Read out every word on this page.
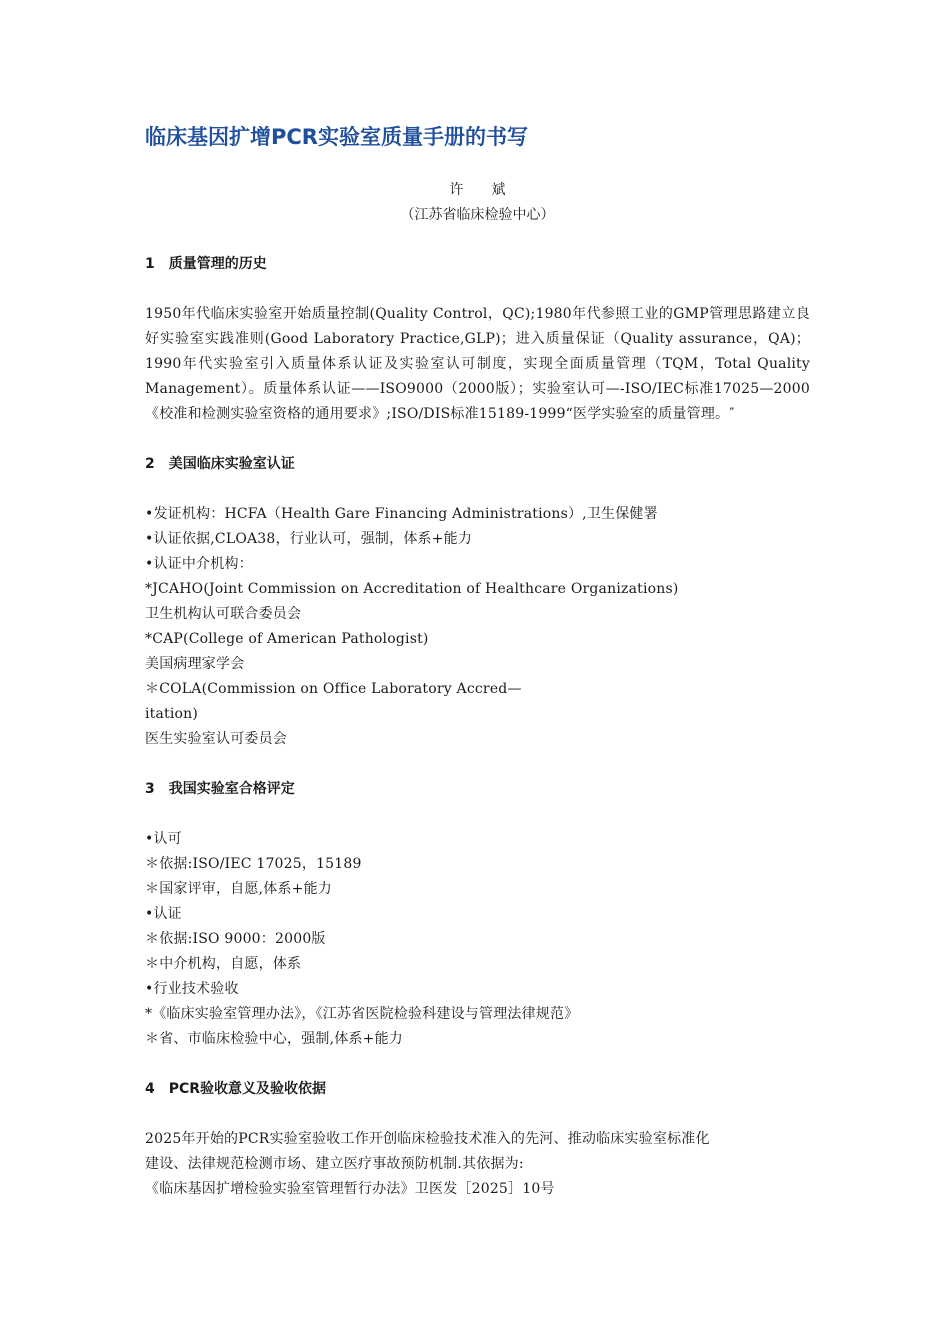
临床基因扩增PCR实验室质量手册的书写
许　　斌
（江苏省临床检验中心）
1　质量管理的历史
1950年代临床实验室开始质量控制(Quality Control，QC);1980年代参照工业的GMP管理思路建立良好实验室实践准则(Good Laboratory Practice,GLP)；进入质量保证（Quality assurance，QA)；1990年代实验室引入质量体系认证及实验室认可制度，实现全面质量管理（TQM，Total Quality Management）。质量体系认证——ISO9000（2000版）；实验室认可—-ISO/IEC标准17025—2000《校准和检测实验室资格的通用要求》;ISO/DIS标准15189-1999“医学实验室的质量管理。″
2　美国临床实验室认证
•发证机构：HCFA（Health Gare Financing Administrations）,卫生保健署
•认证依据,CLOA38，行业认可，强制，体系+能力
•认证中介机构：
*JCAHO(Joint Commission on Accreditation of Healthcare Organizations)
卫生机构认可联合委员会
*CAP(College of American Pathologist)
美国病理家学会
＊COLA(Commission on Office Laboratory Accred—
itation)
医生实验室认可委员会
3　我国实验室合格评定
•认可
＊依据:ISO/IEC 17025，15189
＊国家评审，自愿,体系+能力
•认证
＊依据:ISO 9000：2000版
＊中介机构，自愿，体系
•行业技术验收
*《临床实验室管理办法》，《江苏省医院检验科建设与管理法律规范》
＊省、市临床检验中心，强制,体系+能力
4　PCR验收意义及验收依据
2025年开始的PCR实验室验收工作开创临床检验技术准入的先河、推动临床实验室标准化
建设、法律规范检测市场、建立医疗事故预防机制.其依据为:
《临床基因扩增检验实验室管理暂行办法》卫医发［2025］10号
